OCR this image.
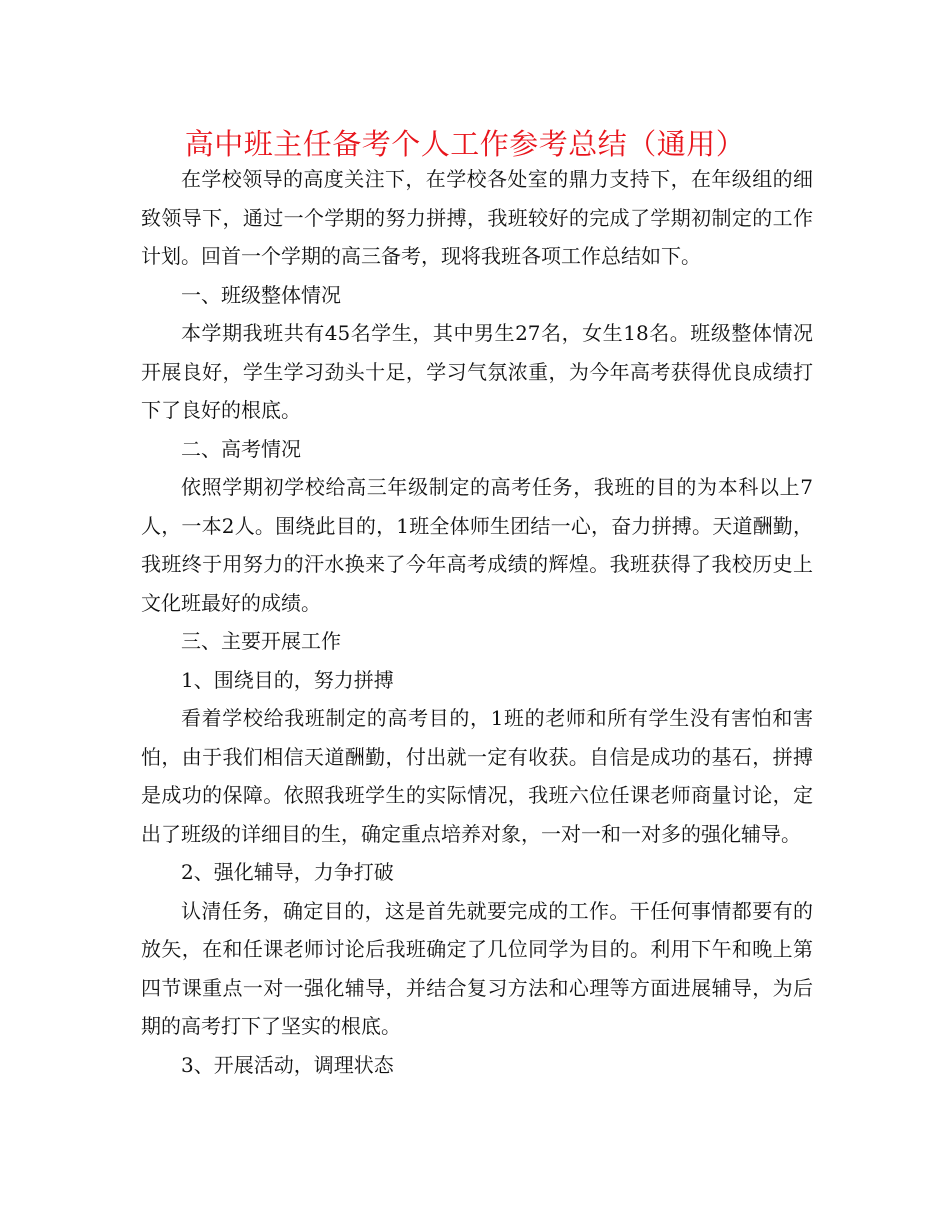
高中班主任备考个人工作参考总结（通用）

在学校领导的高度关注下，在学校各处室的鼎力支持下，在年级组的细致领导下，通过一个学期的努力拼搏，我班较好的完成了学期初制定的工作计划。回首一个学期的高三备考，现将我班各项工作总结如下。

一、班级整体情况

本学期我班共有45名学生，其中男生27名，女生18名。班级整体情况开展良好，学生学习劲头十足，学习气氛浓重，为今年高考获得优良成绩打下了良好的根底。

二、高考情况

依照学期初学校给高三年级制定的高考任务，我班的目的为本科以上7人，一本2人。围绕此目的，1班全体师生团结一心，奋力拼搏。天道酬勤，我班终于用努力的汗水换来了今年高考成绩的辉煌。我班获得了我校历史上文化班最好的成绩。

三、主要开展工作

1、围绕目的，努力拼搏

看着学校给我班制定的高考目的，1班的老师和所有学生没有害怕和害怕，由于我们相信天道酬勤，付出就一定有收获。自信是成功的基石，拼搏是成功的保障。依照我班学生的实际情况，我班六位任课老师商量讨论，定出了班级的详细目的生，确定重点培养对象，一对一和一对多的强化辅导。

2、强化辅导，力争打破

认清任务，确定目的，这是首先就要完成的工作。干任何事情都要有的放矢，在和任课老师讨论后我班确定了几位同学为目的。利用下午和晚上第四节课重点一对一强化辅导，并结合复习方法和心理等方面进展辅导，为后期的高考打下了坚实的根底。

3、开展活动，调理状态
